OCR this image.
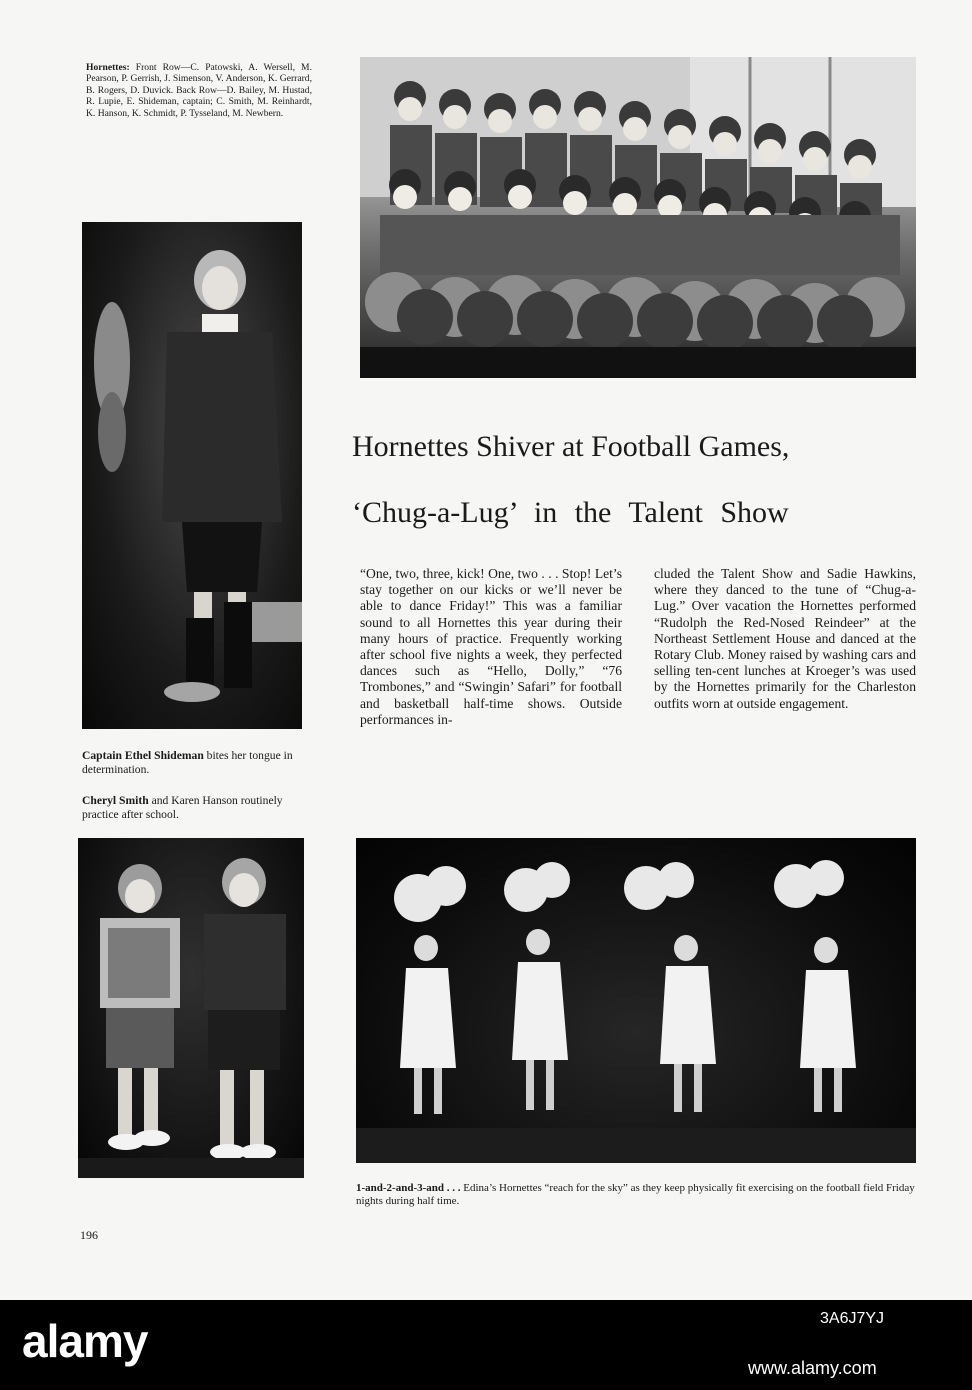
Hornettes: Front Row—C. Patowski, A. Wersell, M. Pearson, P. Gerrish, J. Simenson, V. Anderson, K. Gerrard, B. Rogers, D. Duvick. Back Row—D. Bailey, M. Hustad, R. Lupie, E. Shideman, captain; C. Smith, M. Reinhardt, K. Hanson, K. Schmidt, P. Tysseland, M. Newbern.

Hornettes Shiver at Football Games,
‘Chug-a-Lug’ in the Talent Show

“One, two, three, kick! One, two . . . Stop! Let’s stay together on our kicks or we’ll never be able to dance Friday!” This was a familiar sound to all Hornettes this year during their many hours of practice. Frequently working after school five nights a week, they perfected dances such as “Hello, Dolly,” “76 Trombones,” and “Swingin’ Safari” for football and basketball half-time shows. Outside performances in-

cluded the Talent Show and Sadie Hawkins, where they danced to the tune of “Chug-a-Lug.” Over vacation the Hornettes performed “Rudolph the Red-Nosed Reindeer” at the Northeast Settlement House and danced at the Rotary Club. Money raised by washing cars and selling ten-cent lunches at Kroeger’s was used by the Hornettes primarily for the Charleston outfits worn at outside engagement.

Captain Ethel Shideman bites her tongue in determination.

Cheryl Smith and Karen Hanson routinely practice after school.

1-and-2-and-3-and . . . Edina’s Hornettes “reach for the sky” as they keep physically fit exercising on the football field Friday nights during half time.

196

alamy	3A6J7YJ
www.alamy.com
